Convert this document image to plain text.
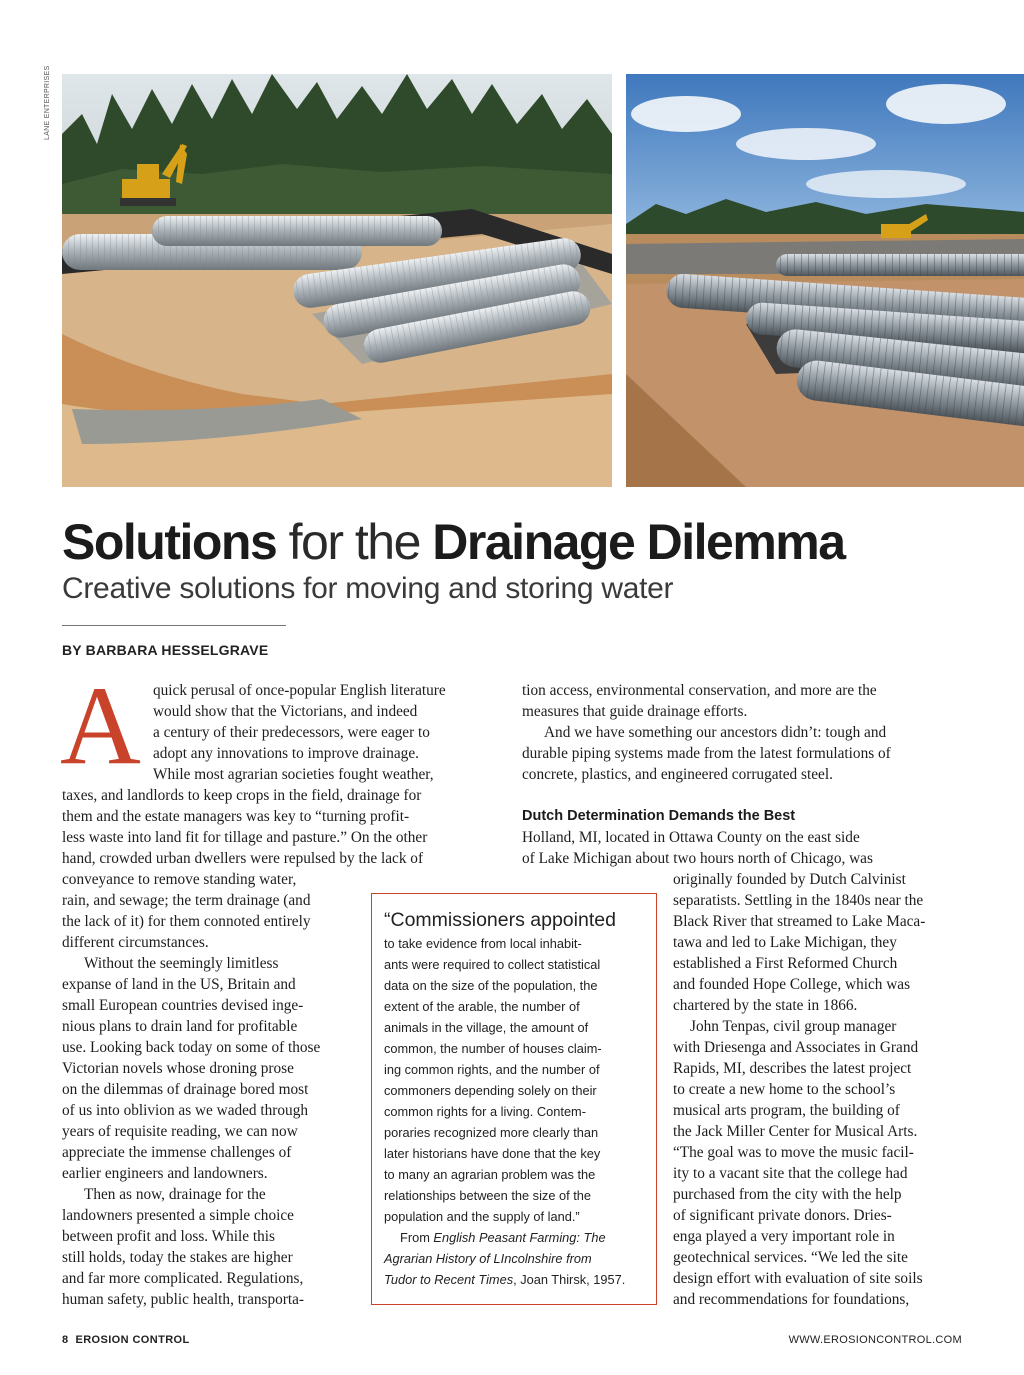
LANE ENTERPRISES
Solutions for the Drainage Dilemma
Creative solutions for moving and storing water
BY BARBARA HESSELGRAVE
A quick perusal of once-popular English literature
would show that the Victorians, and indeed
a century of their predecessors, were eager to
adopt any innovations to improve drainage.
While most agrarian societies fought weather,
taxes, and landlords to keep crops in the field, drainage for
them and the estate managers was key to “turning profit-
less waste into land fit for tillage and pasture.” On the other
hand, crowded urban dwellers were repulsed by the lack of
conveyance to remove standing water,
rain, and sewage; the term drainage (and
the lack of it) for them connoted entirely
different circumstances.
Without the seemingly limitless
expanse of land in the US, Britain and
small European countries devised inge-
nious plans to drain land for profitable
use. Looking back today on some of those
Victorian novels whose droning prose
on the dilemmas of drainage bored most
of us into oblivion as we waded through
years of requisite reading, we can now
appreciate the immense challenges of
earlier engineers and landowners.
Then as now, drainage for the
landowners presented a simple choice
between profit and loss. While this
still holds, today the stakes are higher
and far more complicated. Regulations,
human safety, public health, transporta-
tion access, environmental conservation, and more are the
measures that guide drainage efforts.
And we have something our ancestors didn’t: tough and
durable piping systems made from the latest formulations of
concrete, plastics, and engineered corrugated steel.
Holland, MI, located in Ottawa County on the east side
of Lake Michigan about two hours north of Chicago, was
Dutch Determination Demands the Best
originally founded by Dutch Calvinist
separatists. Settling in the 1840s near the
Black River that streamed to Lake Maca-
tawa and led to Lake Michigan, they
established a First Reformed Church
and founded Hope College, which was
chartered by the state in 1866.
John Tenpas, civil group manager
with Driesenga and Associates in Grand
Rapids, MI, describes the latest project
to create a new home to the school’s
musical arts program, the building of
the Jack Miller Center for Musical Arts.
“The goal was to move the music facil-
ity to a vacant site that the college had
purchased from the city with the help
of significant private donors. Dries-
enga played a very important role in
geotechnical services. “We led the site
design effort with evaluation of site soils
and recommendations for foundations,
“Commissioners appointed
to take evidence from local inhabit-
ants were required to collect statistical
data on the size of the population, the
extent of the arable, the number of
animals in the village, the amount of
common, the number of houses claim-
ing common rights, and the number of
commoners depending solely on their
common rights for a living. Contem-
poraries recognized more clearly than
later historians have done that the key
to many an agrarian problem was the
relationships between the size of the
population and the supply of land.”
From English Peasant Farming: The
Agrarian History of LIncolnshire from
Tudor to Recent Times, Joan Thirsk, 1957.
8 EROSION CONTROL	WWW.EROSIONCONTROL.COM
